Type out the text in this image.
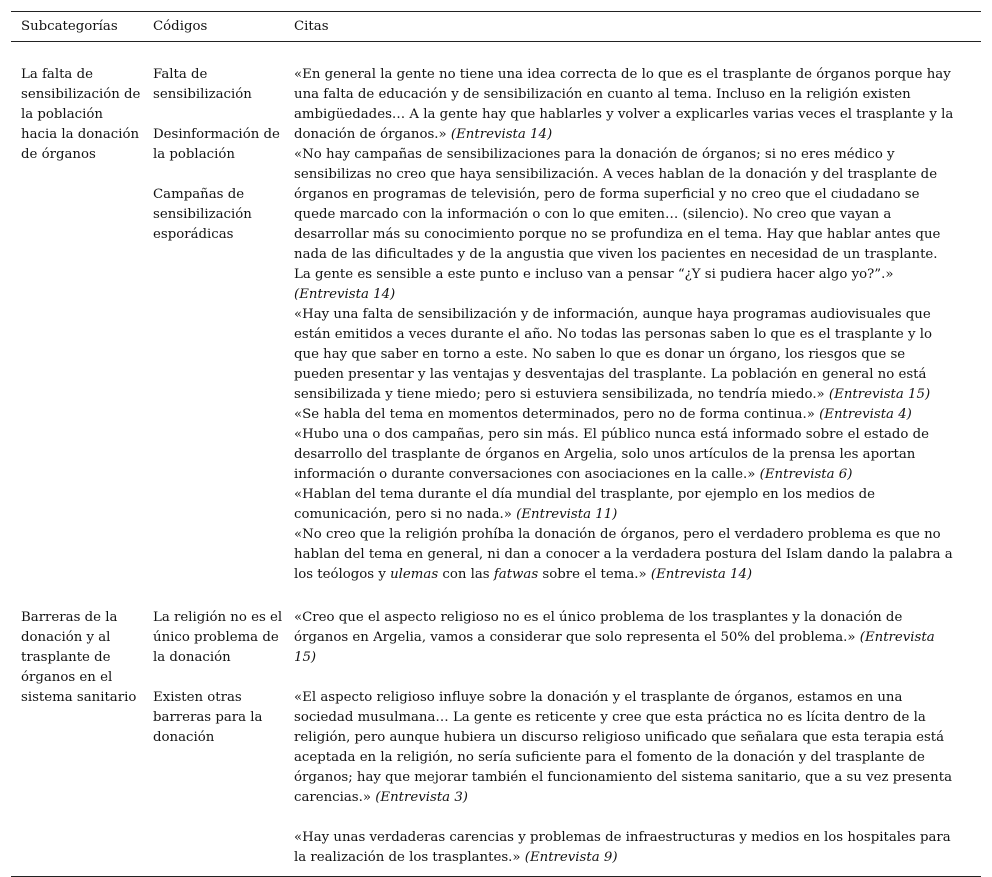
Subcategorías	Códigos	Citas
La falta de sensibilización de la población hacia la donación de órganos
Falta de sensibilización
Desinformación de la población
Campañas de sensibilización esporádicas

«En general la gente no tiene una idea correcta de lo que es el trasplante de órganos porque hay una falta de educación y de sensibilización en cuanto al tema. Incluso en la religión existen ambigüedades… A la gente hay que hablarles y volver a explicarles varias veces el trasplante y la donación de órganos.» (Entrevista 14)

«No hay campañas de sensibilizaciones para la donación de órganos; si no eres médico y sensibilizas no creo que haya sensibilización. A veces hablan de la donación y del trasplante de órganos en programas de televisión, pero de forma superficial y no creo que el ciudadano se quede marcado con la información o con lo que emiten… (silencio). No creo que vayan a desarrollar más su conocimiento porque no se profundiza en el tema. Hay que hablar antes que nada de las dificultades y de la angustia que viven los pacientes en necesidad de un trasplante. La gente es sensible a este punto e incluso van a pensar “¿Y si pudiera hacer algo yo?”.» (Entrevista 14)

«Hay una falta de sensibilización y de información, aunque haya programas audiovisuales que están emitidos a veces durante el año. No todas las personas saben lo que es el trasplante y lo que hay que saber en torno a este. No saben lo que es donar un órgano, los riesgos que se pueden presentar y las ventajas y desventajas del trasplante. La población en general no está sensibilizada y tiene miedo; pero si estuviera sensibilizada, no tendría miedo.» (Entrevista 15)

«Se habla del tema en momentos determinados, pero no de forma continua.» (Entrevista 4)

«Hubo una o dos campañas, pero sin más. El público nunca está informado sobre el estado de desarrollo del trasplante de órganos en Argelia, solo unos artículos de la prensa les aportan información o durante conversaciones con asociaciones en la calle.» (Entrevista 6)

«Hablan del tema durante el día mundial del trasplante, por ejemplo en los medios de comunicación, pero si no nada.» (Entrevista 11)

«No creo que la religión prohíba la donación de órganos, pero el verdadero problema es que no hablan del tema en general, ni dan a conocer a la verdadera postura del Islam dando la palabra a los teólogos y ulemas con las fatwas sobre el tema.» (Entrevista 14)

Barreras de la donación y al trasplante de órganos en el sistema sanitario
La religión no es el único problema de la donación
Existen otras barreras para la donación

«Creo que el aspecto religioso no es el único problema de los trasplantes y la donación de órganos en Argelia, vamos a considerar que solo representa el 50% del problema.» (Entrevista 15)

«El aspecto religioso influye sobre la donación y el trasplante de órganos, estamos en una sociedad musulmana… La gente es reticente y cree que esta práctica no es lícita dentro de la religión, pero aunque hubiera un discurso religioso unificado que señalara que esta terapia está aceptada en la religión, no sería suficiente para el fomento de la donación y del trasplante de órganos; hay que mejorar también el funcionamiento del sistema sanitario, que a su vez presenta carencias.» (Entrevista 3)

«Hay unas verdaderas carencias y problemas de infraestructuras y medios en los hospitales para la realización de los trasplantes.» (Entrevista 9)
